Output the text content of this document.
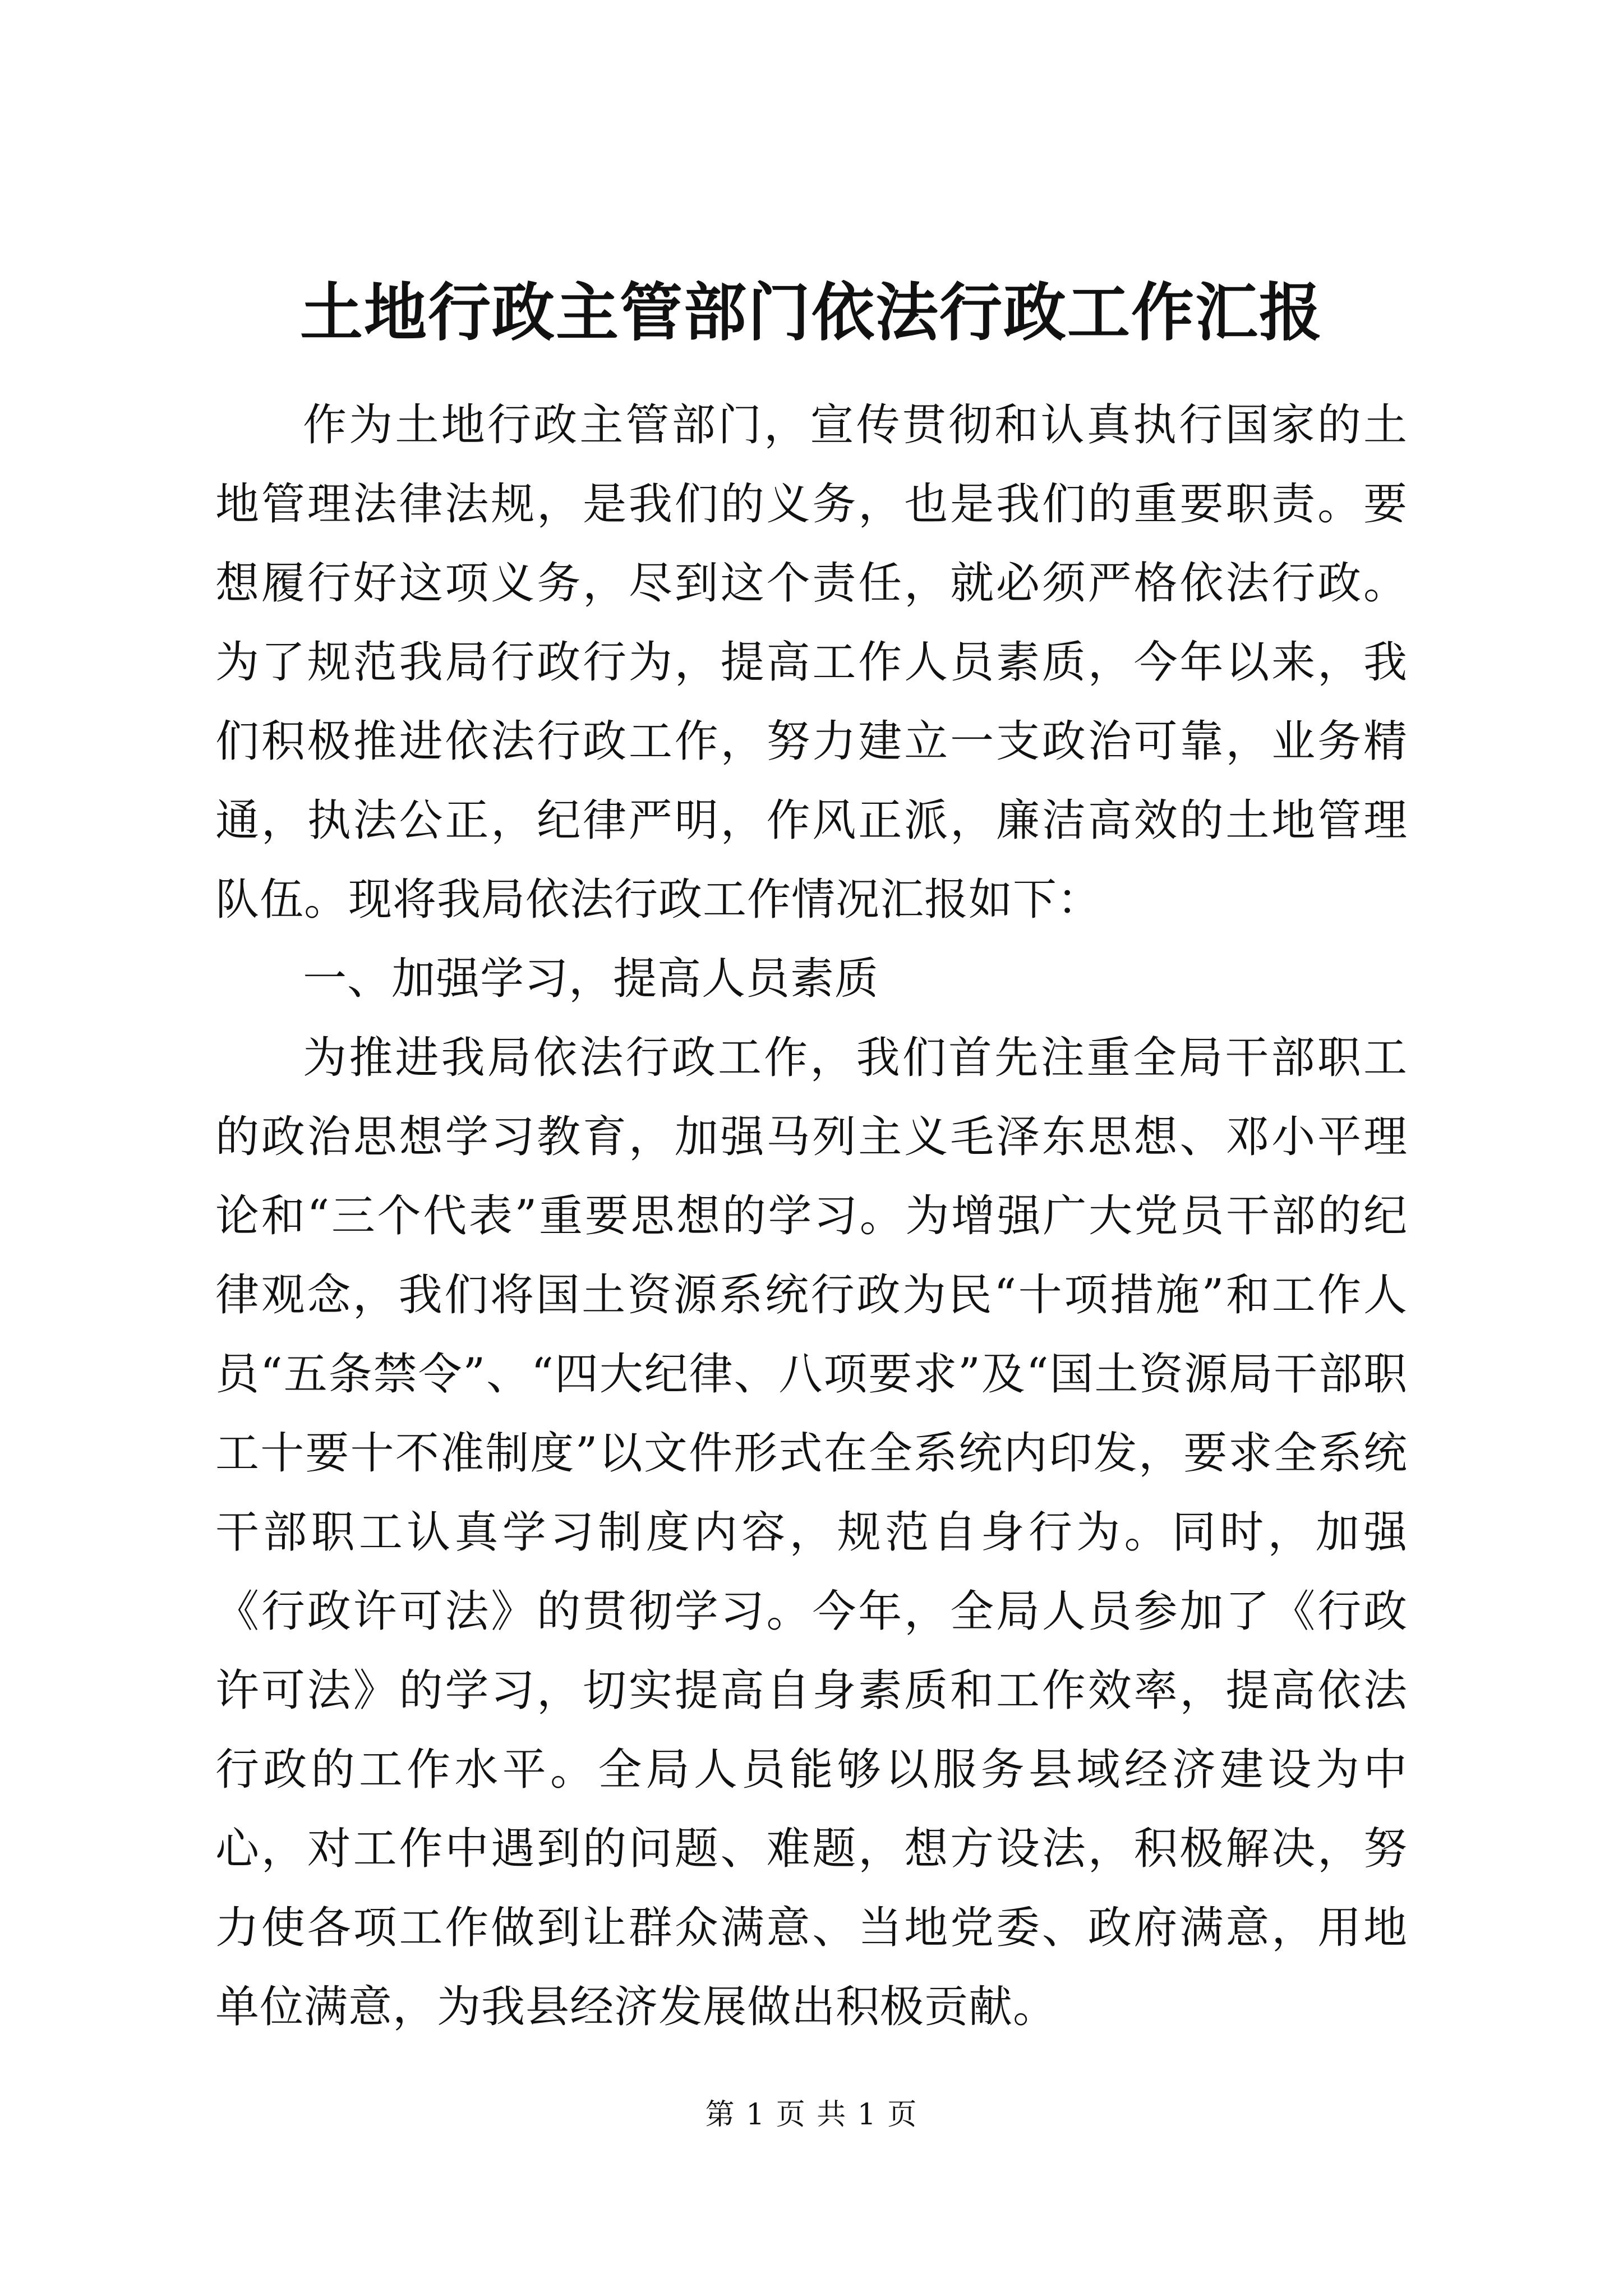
土地行政主管部门依法行政工作汇报

作为土地行政主管部门，宣传贯彻和认真执行国家的土地管理法律法规，是我们的义务，也是我们的重要职责。要想履行好这项义务，尽到这个责任，就必须严格依法行政。为了规范我局行政行为，提高工作人员素质，今年以来，我们积极推进依法行政工作，努力建立一支政治可靠，业务精通，执法公正，纪律严明，作风正派，廉洁高效的土地管理队伍。现将我局依法行政工作情况汇报如下：

一、加强学习，提高人员素质

为推进我局依法行政工作，我们首先注重全局干部职工的政治思想学习教育，加强马列主义毛泽东思想、邓小平理论和“三个代表”重要思想的学习。为增强广大党员干部的纪律观念，我们将国土资源系统行政为民“十项措施”和工作人员“五条禁令”、“四大纪律、八项要求”及“国土资源局干部职工十要十不准制度”以文件形式在全系统内印发，要求全系统干部职工认真学习制度内容，规范自身行为。同时，加强《行政许可法》的贯彻学习。今年，全局人员参加了《行政许可法》的学习，切实提高自身素质和工作效率，提高依法行政的工作水平。全局人员能够以服务县域经济建设为中心，对工作中遇到的问题、难题，想方设法，积极解决，努力使各项工作做到让群众满意、当地党委、政府满意，用地单位满意，为我县经济发展做出积极贡献。

第 1 页 共 1 页
